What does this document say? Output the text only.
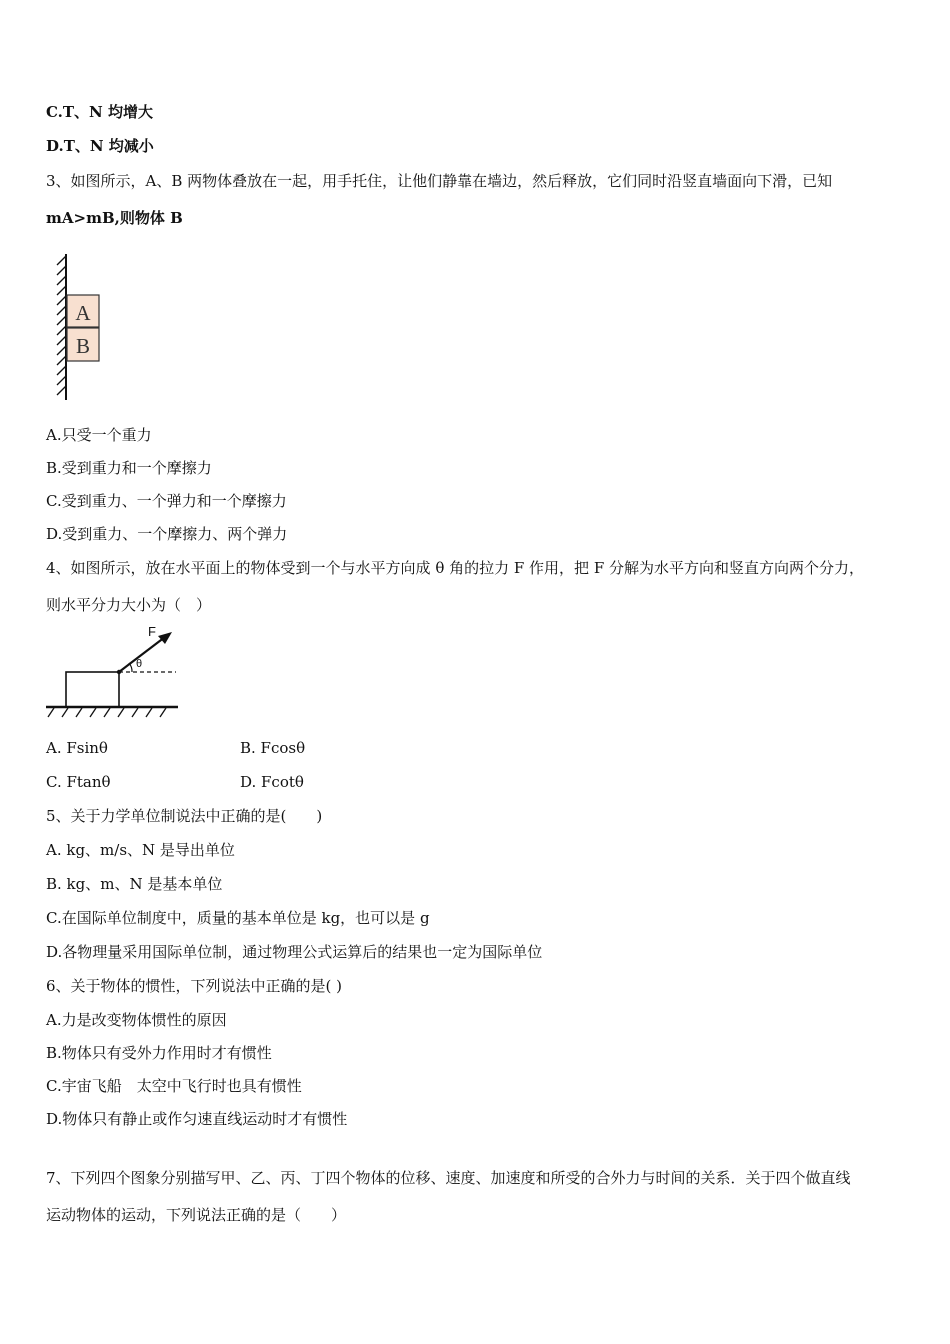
C.T、N 均增大
D.T、N 均减小
3、如图所示，A、B 两物体叠放在一起，用手托住，让他们静靠在墙边，然后释放，它们同时沿竖直墙面向下滑，已知
mA>mB,则物体 B
A
B
A.只受一个重力
B.受到重力和一个摩擦力
C.受到重力、一个弹力和一个摩擦力
D.受到重力、一个摩擦力、两个弹力
4、如图所示，放在水平面上的物体受到一个与水平方向成 θ 角的拉力 F 作用，把 F 分解为水平方向和竖直方向两个分力，
则水平分力大小为（　）
F
θ
A. Fsinθ	B. Fcosθ
C. Ftanθ	D. Fcotθ
5、关于力学单位制说法中正确的是(　　)
A. kg、m/s、N 是导出单位
B. kg、m、N 是基本单位
C.在国际单位制度中，质量的基本单位是 kg，也可以是 g
D.各物理量采用国际单位制，通过物理公式运算后的结果也一定为国际单位
6、关于物体的惯性，下列说法中正确的是( )
A.力是改变物体惯性的原因
B.物体只有受外力作用时才有惯性
C.宇宙飞船　太空中飞行时也具有惯性
D.物体只有静止或作匀速直线运动时才有惯性
7、下列四个图象分别描写甲、乙、丙、丁四个物体的位移、速度、加速度和所受的合外力与时间的关系．关于四个做直线
运动物体的运动，下列说法正确的是（　　）
